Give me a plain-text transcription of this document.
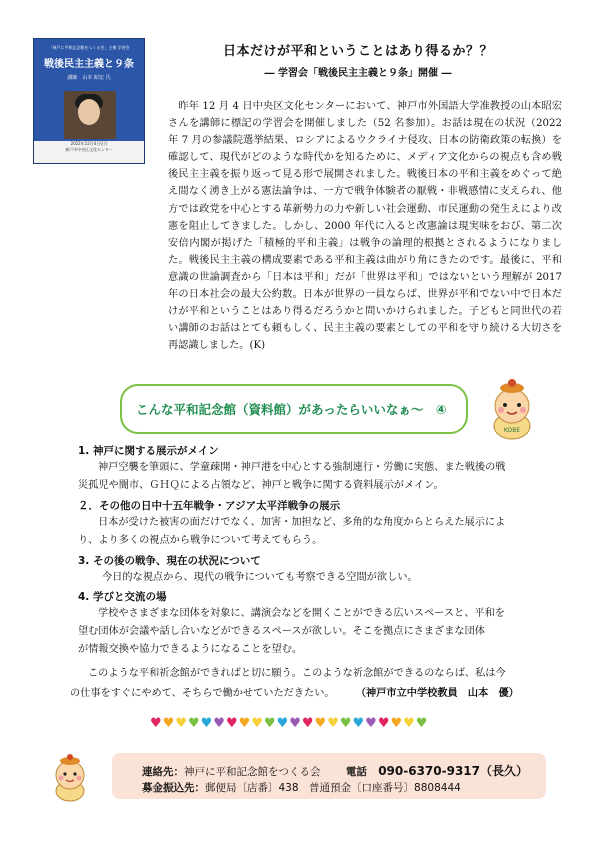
「神戸に平和記念館をつくる会」主催 学習会
戦後民主主義と９条
講師　山本 昭宏 氏
2022年12月4日(日)
神戸市中央区文化センター
日本だけが平和ということはあり得るか？？
― 学習会「戦後民主主義と９条」開催 ―

　昨年 12 月 4 日中央区文化センターにおいて、神戸市外国語大学准教授の山本昭宏さんを講師に標記の学習会を開催しました（52 名参加）。お話は現在の状況（2022 年 7 月の参議院選挙結果、ロシアによるウクライナ侵攻、日本の防衛政策の転換）を確認して、現代がどのような時代かを知るために、メディア文化からの視点も含め戦後民主主義を振り返って見る形で展開されました。戦後日本の平和主義をめぐって絶え間なく湧き上がる憲法論争は、一方で戦争体験者の厭戦・非戦感情に支えられ、他方では政党を中心とする革新勢力の力や新しい社会運動、市民運動の発生えにより改憲を阻止してきました。しかし、2000 年代に入ると改憲論は現実味をおび、第二次安倍内閣が掲げた「積極的平和主義」は戦争の論理的根拠とされるようになりました。戦後民主主義の構成要素である平和主義は曲がり角にきたのです。最後に、平和意識の世論調査から「日本は平和」だが「世界は平和」ではないという理解が 2017 年の日本社会の最大公約数。日本が世界の一員ならば、世界が平和でない中で日本だけが平和ということはあり得るだろうかと問いかけられました。子どもと同世代の若い講師のお話はとても頼もしく、民主主義の要素としての平和を守り続ける大切さを再認識しました。(K)

こんな平和記念館（資料館）があったらいいなぁ～　④
KOBE
1. 神戸に関する展示がメイン
神戸空襲を筆頭に、学童疎開・神戸港を中心とする強制連行・労働に実態、また戦後の戦
災孤児や闇市、ＧＨＱによる占領など、神戸と戦争に関する資料展示がメイン。
２．その他の日中十五年戦争・アジア太平洋戦争の展示
日本が受けた被害の面だけでなく、加害・加担など、多角的な角度からとらえた展示によ
り、より多くの視点から戦争について考えてもらう。
3. その後の戦争、現在の状況について
今日的な視点から、現代の戦争についても考察できる空間が欲しい。
4. 学びと交流の場
学校やさまざまな団体を対象に、講演会などを開くことができる広いスペースと、平和を
望む団体が会議や話し合いなどができるスペースが欲しい。そこを拠点にさまざまな団体
が情報交換や協力できるようになることを望む。
このような平和祈念館ができればと切に願う。このような祈念館ができるのならば、私は今
の仕事をすぐにやめて、そちらで働かせていただきたい。 （神戸市立中学校教員　山本　優）
♥♥♥♥♥♥♥♥♥♥♥♥♥♥♥♥♥♥♥♥♥♥
連絡先：神戸に平和記念館をつくる会 電話 090-6370-9317（長久）
募金振込先：郵便局〔店番〕438　普通預金〔口座番号〕8808444
